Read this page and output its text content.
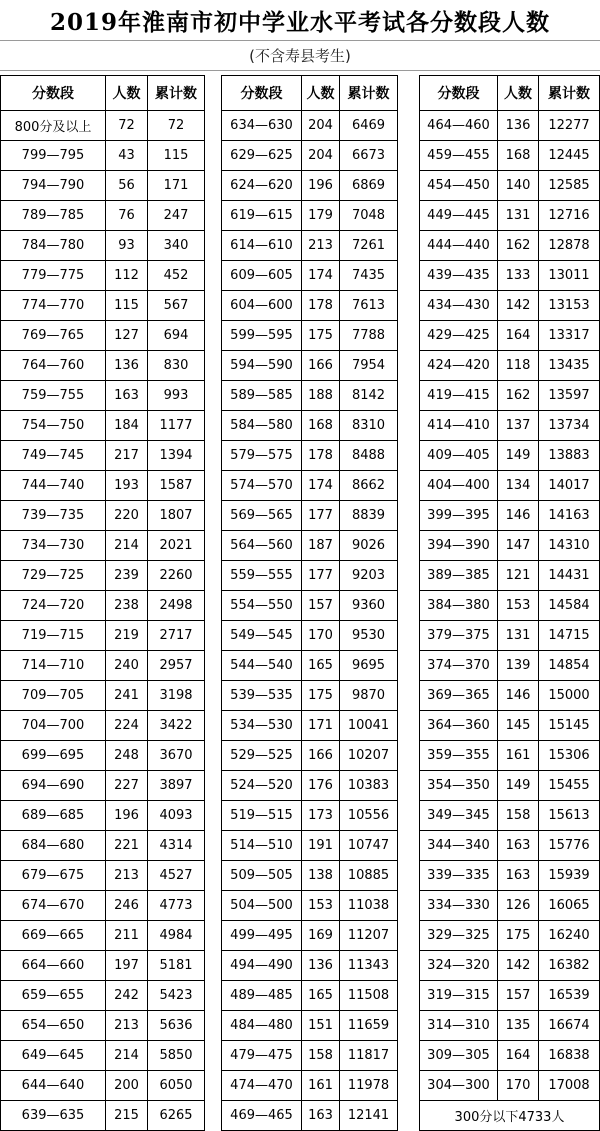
2019年淮南市初中学业水平考试各分数段人数
(不含寿县考生)
分数段	人数	累计数
800分及以上	72	72
799—795	43	115
794—790	56	171
789—785	76	247
784—780	93	340
779—775	112	452
774—770	115	567
769—765	127	694
764—760	136	830
759—755	163	993
754—750	184	1177
749—745	217	1394
744—740	193	1587
739—735	220	1807
734—730	214	2021
729—725	239	2260
724—720	238	2498
719—715	219	2717
714—710	240	2957
709—705	241	3198
704—700	224	3422
699—695	248	3670
694—690	227	3897
689—685	196	4093
684—680	221	4314
679—675	213	4527
674—670	246	4773
669—665	211	4984
664—660	197	5181
659—655	242	5423
654—650	213	5636
649—645	214	5850
644—640	200	6050
639—635	215	6265
分数段	人数	累计数
634—630	204	6469
629—625	204	6673
624—620	196	6869
619—615	179	7048
614—610	213	7261
609—605	174	7435
604—600	178	7613
599—595	175	7788
594—590	166	7954
589—585	188	8142
584—580	168	8310
579—575	178	8488
574—570	174	8662
569—565	177	8839
564—560	187	9026
559—555	177	9203
554—550	157	9360
549—545	170	9530
544—540	165	9695
539—535	175	9870
534—530	171	10041
529—525	166	10207
524—520	176	10383
519—515	173	10556
514—510	191	10747
509—505	138	10885
504—500	153	11038
499—495	169	11207
494—490	136	11343
489—485	165	11508
484—480	151	11659
479—475	158	11817
474—470	161	11978
469—465	163	12141
分数段	人数	累计数
464—460	136	12277
459—455	168	12445
454—450	140	12585
449—445	131	12716
444—440	162	12878
439—435	133	13011
434—430	142	13153
429—425	164	13317
424—420	118	13435
419—415	162	13597
414—410	137	13734
409—405	149	13883
404—400	134	14017
399—395	146	14163
394—390	147	14310
389—385	121	14431
384—380	153	14584
379—375	131	14715
374—370	139	14854
369—365	146	15000
364—360	145	15145
359—355	161	15306
354—350	149	15455
349—345	158	15613
344—340	163	15776
339—335	163	15939
334—330	126	16065
329—325	175	16240
324—320	142	16382
319—315	157	16539
314—310	135	16674
309—305	164	16838
304—300	170	17008
300分以下4733人		
